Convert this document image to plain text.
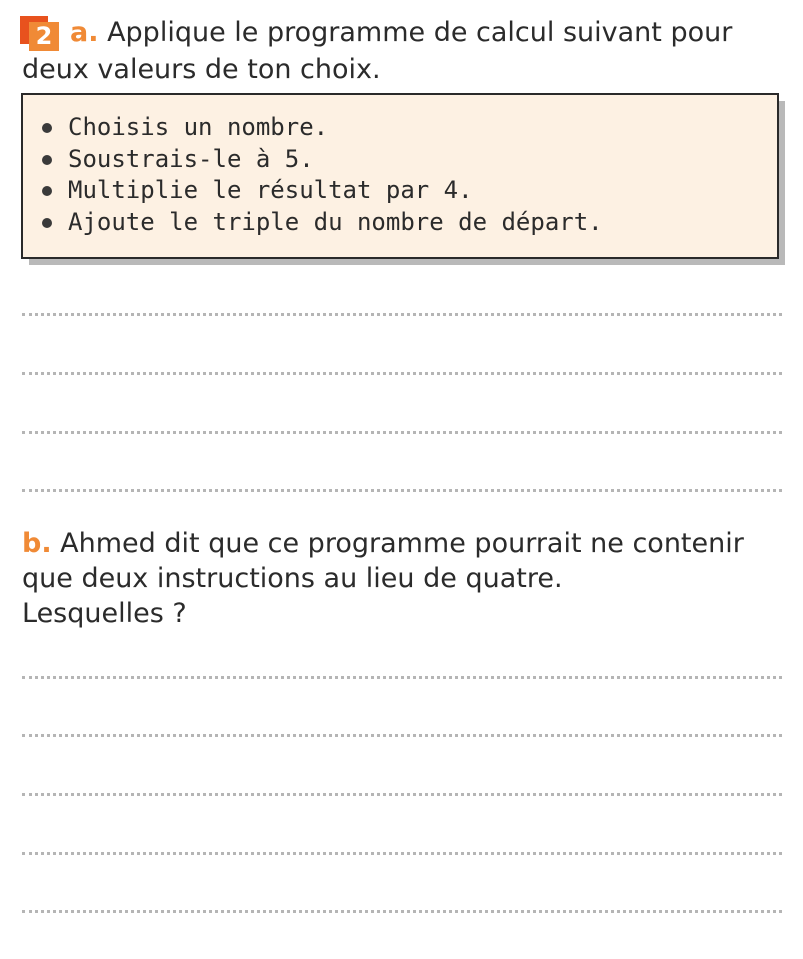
2 a. Applique le programme de calcul suivant pour
deux valeurs de ton choix.
Choisis un nombre.
Soustrais-le à 5.
Multiplie le résultat par 4.
Ajoute le triple du nombre de départ.
b. Ahmed dit que ce programme pourrait ne contenir
que deux instructions au lieu de quatre.
Lesquelles ?
